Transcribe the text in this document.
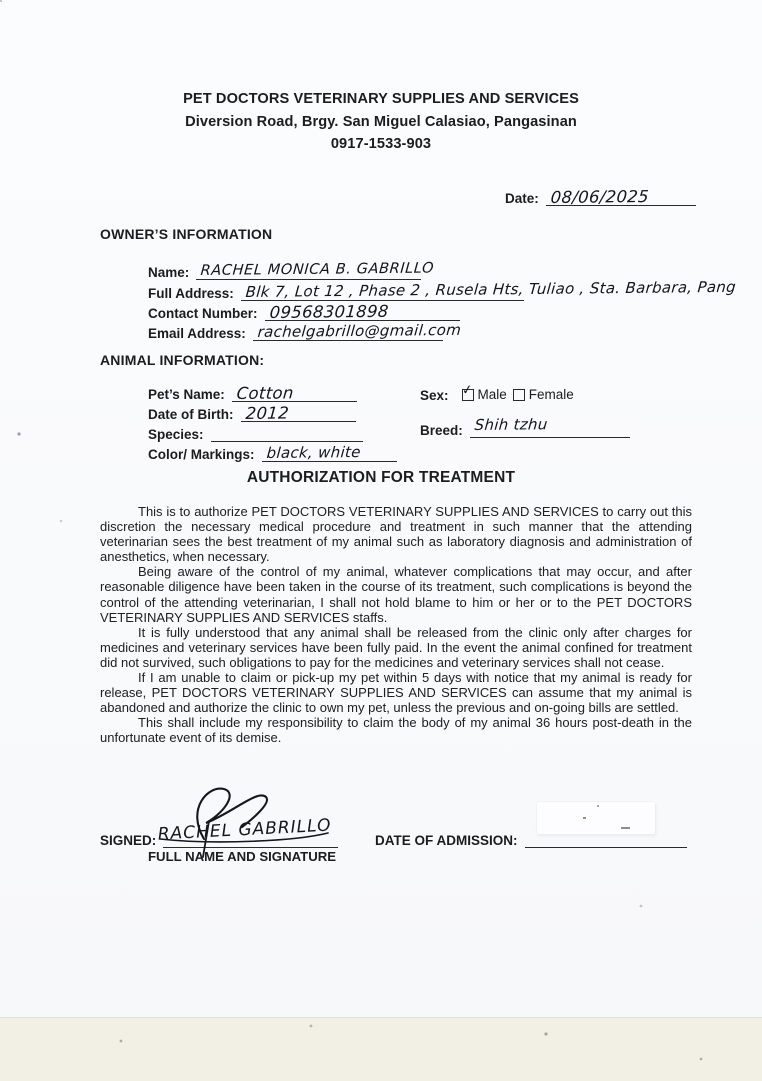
PET DOCTORS VETERINARY SUPPLIES AND SERVICES
Diversion Road, Brgy. San Miguel Calasiao, Pangasinan
0917-1533-903
Date: 08/06/2025
OWNER’S INFORMATION
Name: RACHEL MONICA B. GABRILLO
Full Address: Blk 7, Lot 12 , Phase 2 , Rusela Hts, Tuliao , Sta. Barbara, Pang
Contact Number: 09568301898
Email Address: rachelgabrillo@gmail.com
ANIMAL INFORMATION:
Pet’s Name: Cotton	Sex: ✓ Male Female
Date of Birth: 2012
Species:	Breed: Shih tzhu
Color/ Markings: black, white
AUTHORIZATION FOR TREATMENT

This is to authorize PET DOCTORS VETERINARY SUPPLIES AND SERVICES to carry out this discretion the necessary medical procedure and treatment in such manner that the attending veterinarian sees the best treatment of my animal such as laboratory diagnosis and administration of anesthetics, when necessary.

Being aware of the control of my animal, whatever complications that may occur, and after reasonable diligence have been taken in the course of its treatment, such complications is beyond the control of the attending veterinarian, I shall not hold blame to him or her or to the PET DOCTORS VETERINARY SUPPLIES AND SERVICES staffs.

It is fully understood that any animal shall be released from the clinic only after charges for medicines and veterinary services have been fully paid. In the event the animal confined for treatment did not survived, such obligations to pay for the medicines and veterinary services shall not cease.

If I am unable to claim or pick-up my pet within 5 days with notice that my animal is ready for release, PET DOCTORS VETERINARY SUPPLIES AND SERVICES can assume that my animal is abandoned and authorize the clinic to own my pet, unless the previous and on-going bills are settled.

This shall include my responsibility to claim the body of my animal 36 hours post-death in the unfortunate event of its demise.

SIGNED: RACHEL GABRILLO
FULL NAME AND SIGNATURE
DATE OF ADMISSION:
